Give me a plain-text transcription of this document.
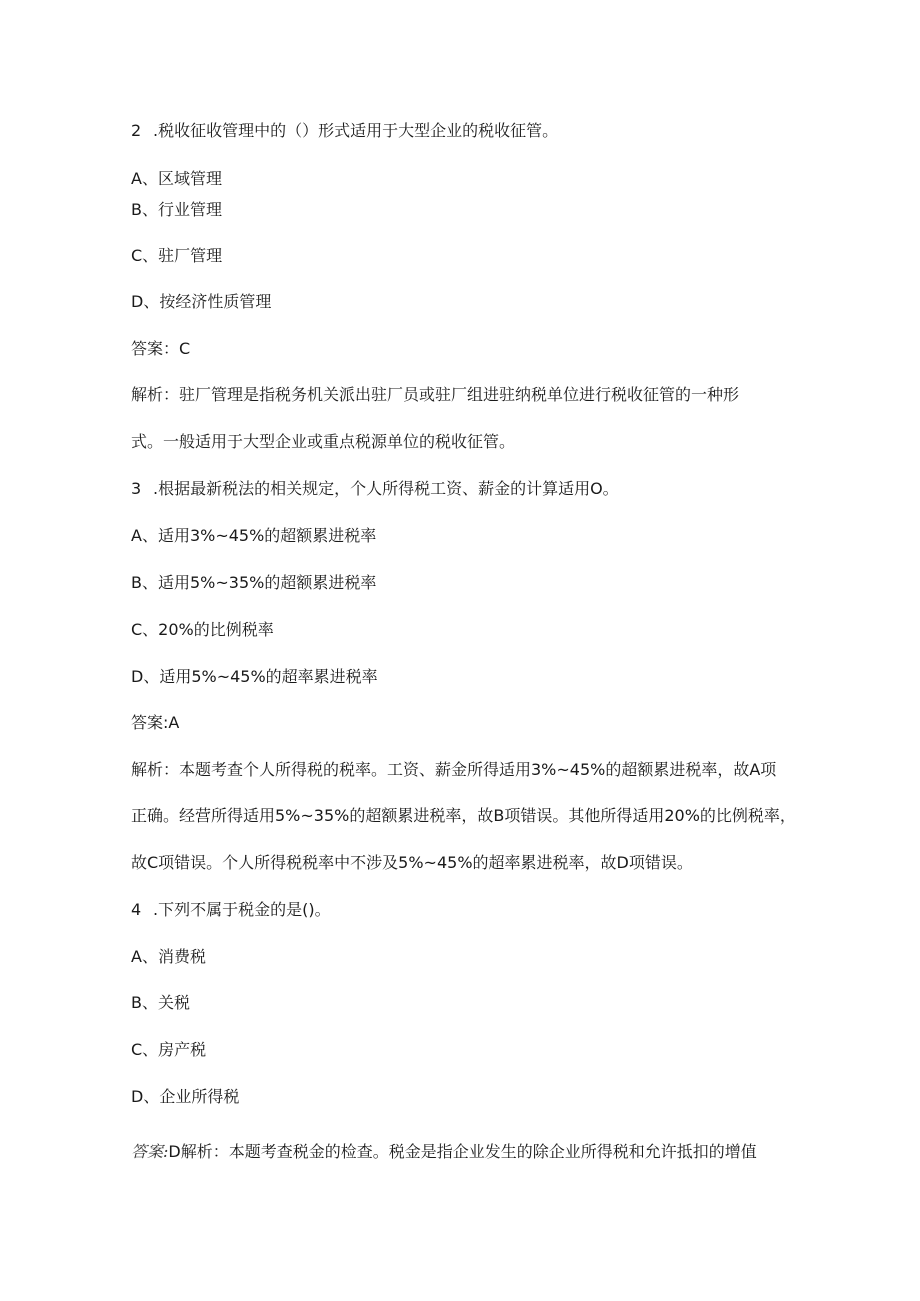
2 .税收征收管理中的（）形式适用于大型企业的税收征管。
A、区域管理
B、行业管理
C、驻厂管理
D、按经济性质管理
答案：C
解析：驻厂管理是指税务机关派出驻厂员或驻厂组进驻纳税单位进行税收征管的一种形
式。一般适用于大型企业或重点税源单位的税收征管。
3 .根据最新税法的相关规定，个人所得税工资、薪金的计算适用O。
A、适用3%~45%的超额累进税率
B、适用5%~35%的超额累进税率
C、20%的比例税率
D、适用5%~45%的超率累进税率
答案:A
解析：本题考查个人所得税的税率。工资、薪金所得适用3%~45%的超额累进税率，故A项
正确。经营所得适用5%~35%的超额累进税率，故B项错误。其他所得适用20%的比例税率，
故C项错误。个人所得税税率中不涉及5%~45%的超率累进税率，故D项错误。
4 .下列不属于税金的是()。
A、消费税
B、关税
C、房产税
D、企业所得税
答案:D解析：本题考查税金的检查。税金是指企业发生的除企业所得税和允许抵扣的增值
